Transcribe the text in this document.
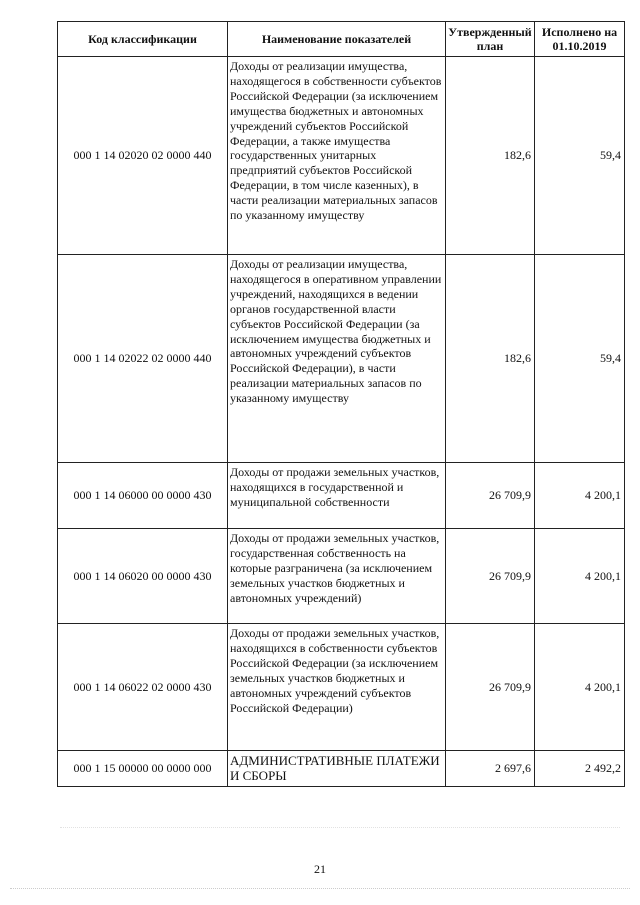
Код классификации	Наименование показателей	Утвержденный план	Исполнено на 01.10.2019
000 1 14 02020 02 0000 440	Доходы от реализации имущества, находящегося в собственности субъектов Российской Федерации (за исключением имущества бюджетных и автономных учреждений субъектов Российской Федерации, а также имущества государственных унитарных предприятий субъектов Российской Федерации, в том числе казенных), в части реализации материальных запасов по указанному имуществу	182,6	59,4
000 1 14 02022 02 0000 440	Доходы от реализации имущества, находящегося в оперативном управлении учреждений, находящихся в ведении органов государственной власти субъектов Российской Федерации (за исключением имущества бюджетных и автономных учреждений субъектов Российской Федерации), в части реализации материальных запасов по указанному имуществу	182,6	59,4
000 1 14 06000 00 0000 430	Доходы от продажи земельных участков, находящихся в государственной и муниципальной собственности	26 709,9	4 200,1
000 1 14 06020 00 0000 430	Доходы от продажи земельных участков, государственная собственность на которые разграничена (за исключением земельных участков бюджетных и автономных учреждений)	26 709,9	4 200,1
000 1 14 06022 02 0000 430	Доходы от продажи земельных участков, находящихся в собственности субъектов Российской Федерации (за исключением земельных участков бюджетных и автономных учреждений субъектов Российской Федерации)	26 709,9	4 200,1
000 1 15 00000 00 0000 000	АДМИНИСТРАТИВНЫЕ ПЛАТЕЖИ И СБОРЫ	2 697,6	2 492,2
21
